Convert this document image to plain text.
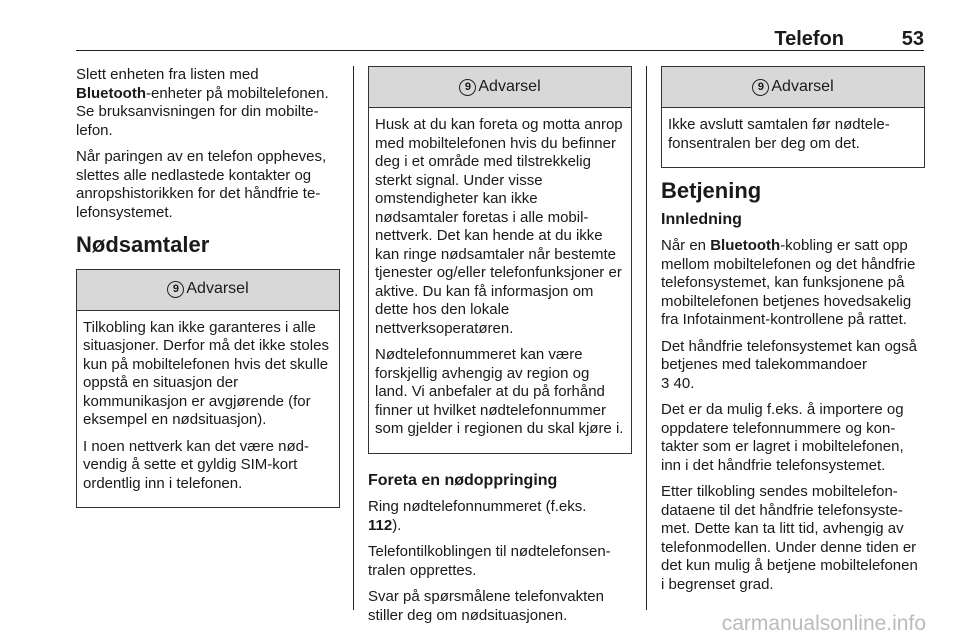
Telefon	53

Slett enheten fra listen med
Bluetooth-enheter på mobiltelefonen. Se bruksanvisningen for din mobiltelefon.

Når paringen av en telefon oppheves, slettes alle nedlastede kontakter og anropshistorikken for det håndfrie telefonsystemet.

Nødsamtaler
9 Advarsel

Tilkobling kan ikke garanteres i alle situasjoner. Derfor må det ikke stoles kun på mobiltelefonen hvis det skulle oppstå en situasjon der kommunikasjon er avgjørende (for eksempel en nødsituasjon).

I noen nettverk kan det være nødvendig å sette et gyldig SIM-kort ordentlig inn i telefonen.

9 Advarsel

Husk at du kan foreta og motta anrop med mobiltelefonen hvis du befinner deg i et område med tilstrekkelig sterkt signal. Under visse omstendigheter kan ikke nødsamtaler foretas i alle mobilnettverk. Det kan hende at du ikke kan ringe nødsamtaler når bestemte tjenester og/eller telefonfunksjoner er aktive. Du kan få informasjon om dette hos den lokale nettverksoperatøren.

Nødtelefonnummeret kan være forskjellig avhengig av region og land. Vi anbefaler at du på forhånd finner ut hvilket nødtelefonnummer som gjelder i regionen du skal kjøre i.

Foreta en nødoppringing

Ring nødtelefonnummeret (f.eks.
112).

Telefontilkoblingen til nødtelefonsentralen opprettes.

Svar på spørsmålene telefonvakten stiller deg om nødsituasjonen.

9 Advarsel

Ikke avslutt samtalen før nødtelefonsentralen ber deg om det.

Betjening
Innledning

Når en Bluetooth-kobling er satt opp mellom mobiltelefonen og det håndfrie telefonsystemet, kan funksjonene på mobiltelefonen betjenes hovedsakelig fra Infotainment-kontrollene på rattet.

Det håndfrie telefonsystemet kan også betjenes med talekommandoer
3 40.

Det er da mulig f.eks. å importere og oppdatere telefonnummere og kontakter som er lagret i mobiltelefonen, inn i det håndfrie telefonsystemet.

Etter tilkobling sendes mobiltelefondataene til det håndfrie telefonsystemet. Dette kan ta litt tid, avhengig av telefonmodellen. Under denne tiden er det kun mulig å betjene mobiltelefonen i begrenset grad.

carmanualsonline.info
